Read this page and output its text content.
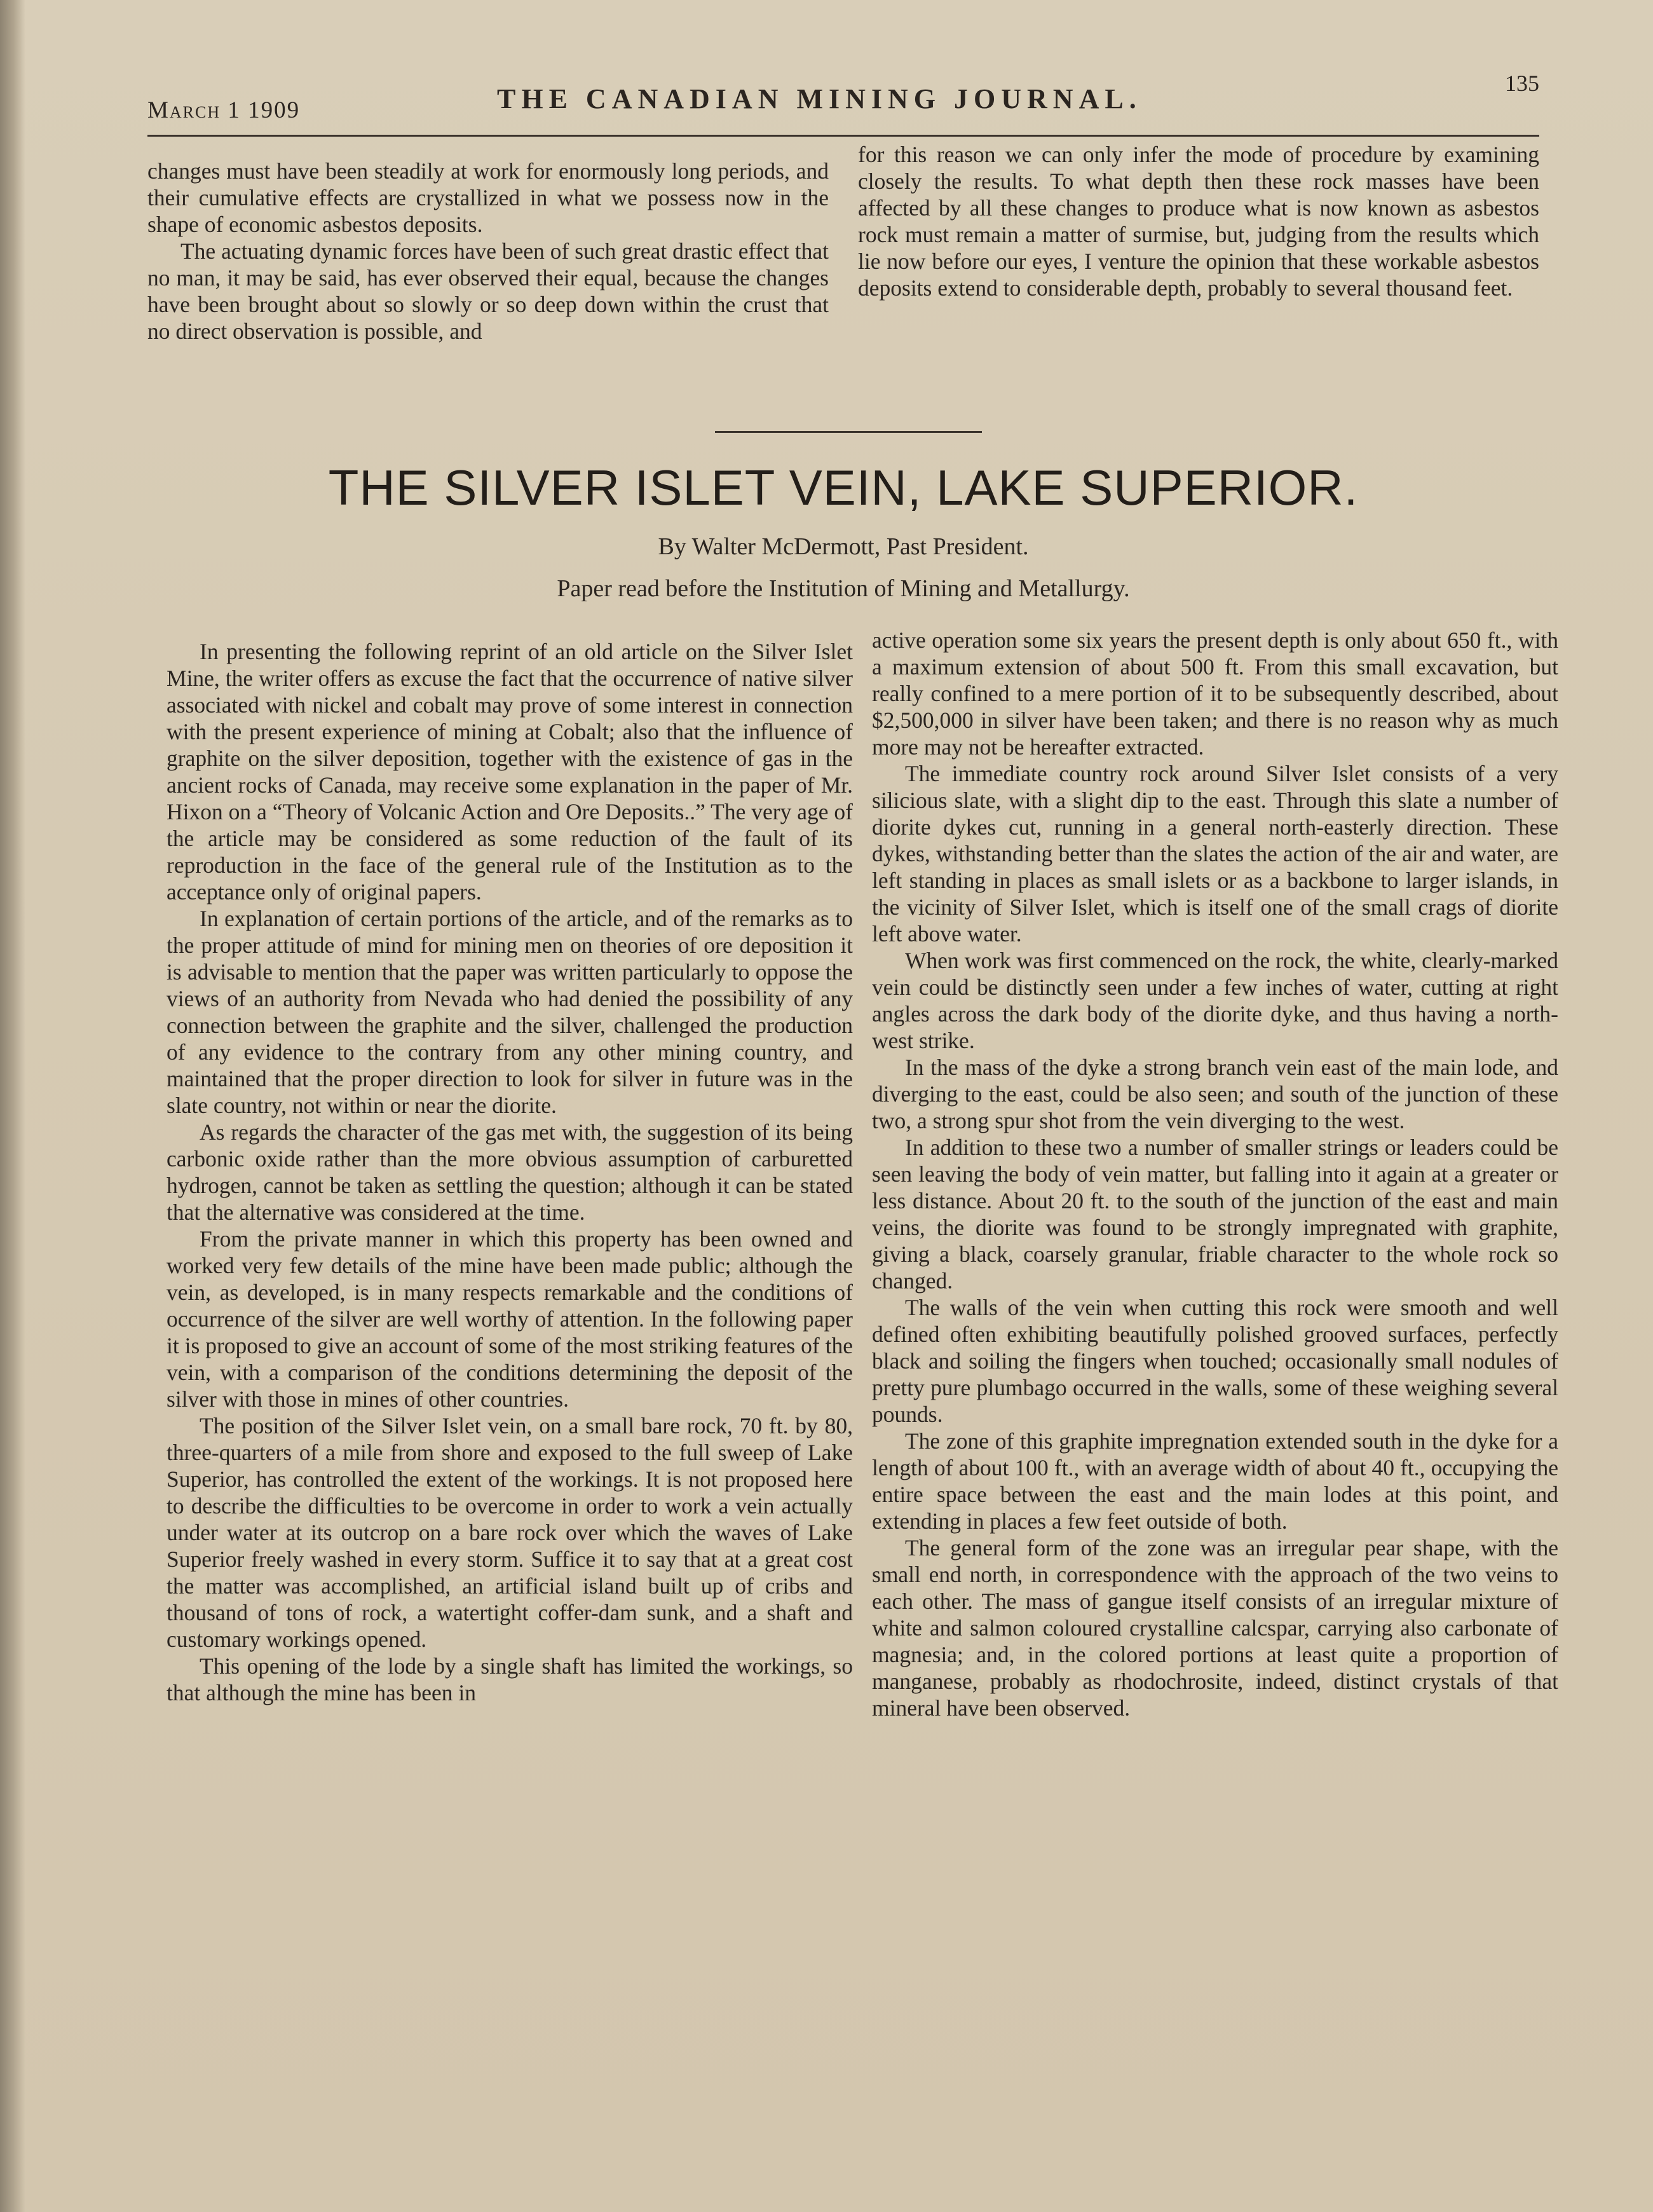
March 1 1909	THE CANADIAN MINING JOURNAL.	135

changes must have been steadily at work for enormously long periods, and their cumulative effects are crystallized in what we possess now in the shape of economic asbestos deposits.

The actuating dynamic forces have been of such great drastic effect that no man, it may be said, has ever observed their equal, because the changes have been brought about so slowly or so deep down within the crust that no direct observation is possible, and

for this reason we can only infer the mode of procedure by examining closely the results. To what depth then these rock masses have been affected by all these changes to produce what is now known as asbestos rock must remain a matter of surmise, but, judging from the results which lie now before our eyes, I venture the opinion that these workable asbestos deposits extend to considerable depth, probably to several thousand feet.

THE SILVER ISLET VEIN, LAKE SUPERIOR.
By Walter McDermott, Past President.
Paper read before the Institution of Mining and Metallurgy.

In presenting the following reprint of an old article on the Silver Islet Mine, the writer offers as excuse the fact that the occurrence of native silver associated with nickel and cobalt may prove of some interest in connection with the present experience of mining at Cobalt; also that the influence of graphite on the silver deposition, together with the existence of gas in the ancient rocks of Canada, may receive some explanation in the paper of Mr. Hixon on a “Theory of Volcanic Action and Ore Deposits..” The very age of the article may be considered as some reduction of the fault of its reproduction in the face of the general rule of the Institution as to the acceptance only of original papers.

In explanation of certain portions of the article, and of the remarks as to the proper attitude of mind for mining men on theories of ore deposition it is advisable to mention that the paper was written particularly to oppose the views of an authority from Nevada who had denied the possibility of any connection between the graphite and the silver, challenged the production of any evidence to the contrary from any other mining country, and maintained that the proper direction to look for silver in future was in the slate country, not within or near the diorite.

As regards the character of the gas met with, the suggestion of its being carbonic oxide rather than the more obvious assumption of carburetted hydrogen, cannot be taken as settling the question; although it can be stated that the alternative was considered at the time.

From the private manner in which this property has been owned and worked very few details of the mine have been made public; although the vein, as developed, is in many respects remarkable and the conditions of occurrence of the silver are well worthy of attention. In the following paper it is proposed to give an account of some of the most striking features of the vein, with a comparison of the conditions determining the deposit of the silver with those in mines of other countries.

The position of the Silver Islet vein, on a small bare rock, 70 ft. by 80, three-quarters of a mile from shore and exposed to the full sweep of Lake Superior, has controlled the extent of the workings. It is not proposed here to describe the difficulties to be overcome in order to work a vein actually under water at its outcrop on a bare rock over which the waves of Lake Superior freely washed in every storm. Suffice it to say that at a great cost the matter was accomplished, an artificial island built up of cribs and thousand of tons of rock, a watertight coffer-dam sunk, and a shaft and customary workings opened.

This opening of the lode by a single shaft has limited the workings, so that although the mine has been in

active operation some six years the present depth is only about 650 ft., with a maximum extension of about 500 ft. From this small excavation, but really confined to a mere portion of it to be subsequently described, about $2,500,000 in silver have been taken; and there is no reason why as much more may not be hereafter extracted.

The immediate country rock around Silver Islet consists of a very silicious slate, with a slight dip to the east. Through this slate a number of diorite dykes cut, running in a general north-easterly direction. These dykes, withstanding better than the slates the action of the air and water, are left standing in places as small islets or as a backbone to larger islands, in the vicinity of Silver Islet, which is itself one of the small crags of diorite left above water.

When work was first commenced on the rock, the white, clearly-marked vein could be distinctly seen under a few inches of water, cutting at right angles across the dark body of the diorite dyke, and thus having a north-west strike.

In the mass of the dyke a strong branch vein east of the main lode, and diverging to the east, could be also seen; and south of the junction of these two, a strong spur shot from the vein diverging to the west.

In addition to these two a number of smaller strings or leaders could be seen leaving the body of vein matter, but falling into it again at a greater or less distance. About 20 ft. to the south of the junction of the east and main veins, the diorite was found to be strongly impregnated with graphite, giving a black, coarsely granular, friable character to the whole rock so changed.

The walls of the vein when cutting this rock were smooth and well defined often exhibiting beautifully polished grooved surfaces, perfectly black and soiling the fingers when touched; occasionally small nodules of pretty pure plumbago occurred in the walls, some of these weighing several pounds.

The zone of this graphite impregnation extended south in the dyke for a length of about 100 ft., with an average width of about 40 ft., occupying the entire space between the east and the main lodes at this point, and extending in places a few feet outside of both.

The general form of the zone was an irregular pear shape, with the small end north, in correspondence with the approach of the two veins to each other. The mass of gangue itself consists of an irregular mixture of white and salmon coloured crystalline calcspar, carrying also carbonate of magnesia; and, in the colored portions at least quite a proportion of manganese, probably as rhodochrosite, indeed, distinct crystals of that mineral have been observed.
